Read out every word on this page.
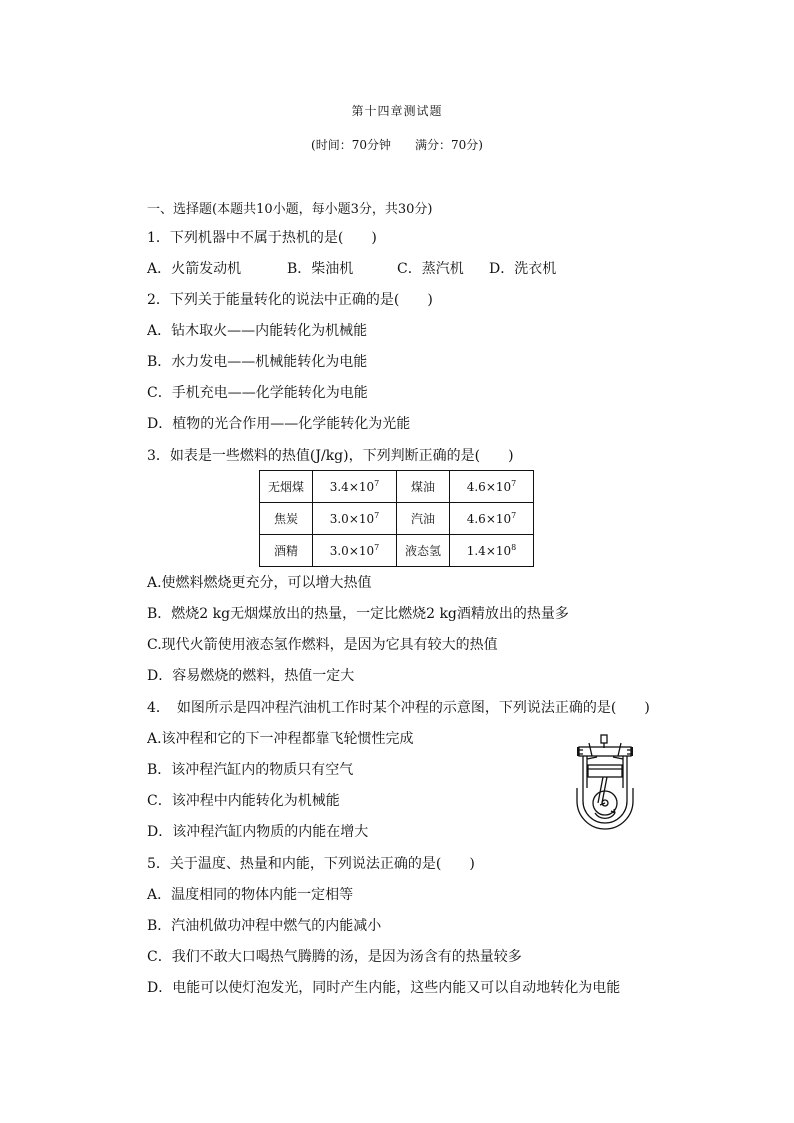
第十四章测试题
(时间：70分钟　　满分：70分)
一、选择题(本题共10小题，每小题3分，共30分)
1．下列机器中不属于热机的是(　　)
A．火箭发动机	B．柴油机	C．蒸汽机 D．洗衣机
2．下列关于能量转化的说法中正确的是(　　)
A．钻木取火——内能转化为机械能
B．水力发电——机械能转化为电能
C．手机充电——化学能转化为电能
D．植物的光合作用——化学能转化为光能
3．如表是一些燃料的热值(J/kg)，下列判断正确的是(　　)
无烟煤	$3.4\times 10^7$	煤油	$4.6\times 10^7$
焦炭	$3.0\times 10^7$	汽油	$4.6\times 10^7$
酒精	$3.0\times 10^7$	液态氢	$1.4\times 10^8$
A.使燃料燃烧更充分，可以增大热值
B．燃烧2 kg无烟煤放出的热量，一定比燃烧2 kg酒精放出的热量多
C.现代火箭使用液态氢作燃料，是因为它具有较大的热值
D．容易燃烧的燃料，热值一定大
4．　如图所示是四冲程汽油机工作时某个冲程的示意图，下列说法正确的是(　　)
A.该冲程和它的下一冲程都靠飞轮惯性完成
B．该冲程汽缸内的物质只有空气
C．该冲程中内能转化为机械能
D．该冲程汽缸内物质的内能在增大
5．关于温度、热量和内能，下列说法正确的是(　　)
A．温度相同的物体内能一定相等
B．汽油机做功冲程中燃气的内能减小
C．我们不敢大口喝热气腾腾的汤，是因为汤含有的热量较多
D．电能可以使灯泡发光，同时产生内能，这些内能又可以自动地转化为电能
